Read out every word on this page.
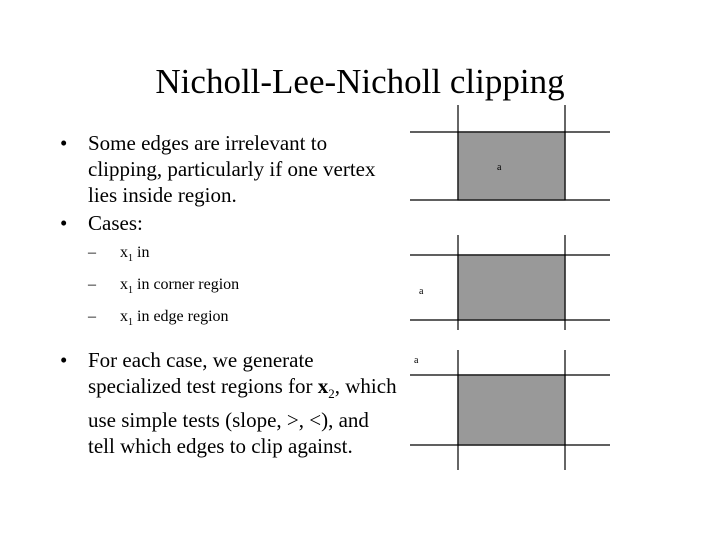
Nicholl-Lee-Nicholl clipping
• Some edges are irrelevant to clipping, particularly if one vertex lies inside region.
• Cases:
– $x_1$ in
– $x_1$ in corner region
– $x_1$ in edge region
• For each case, we generate specialized test regions for $x_2$, which use simple tests (slope, >, <), and tell which edges to clip against.
a
a
a
